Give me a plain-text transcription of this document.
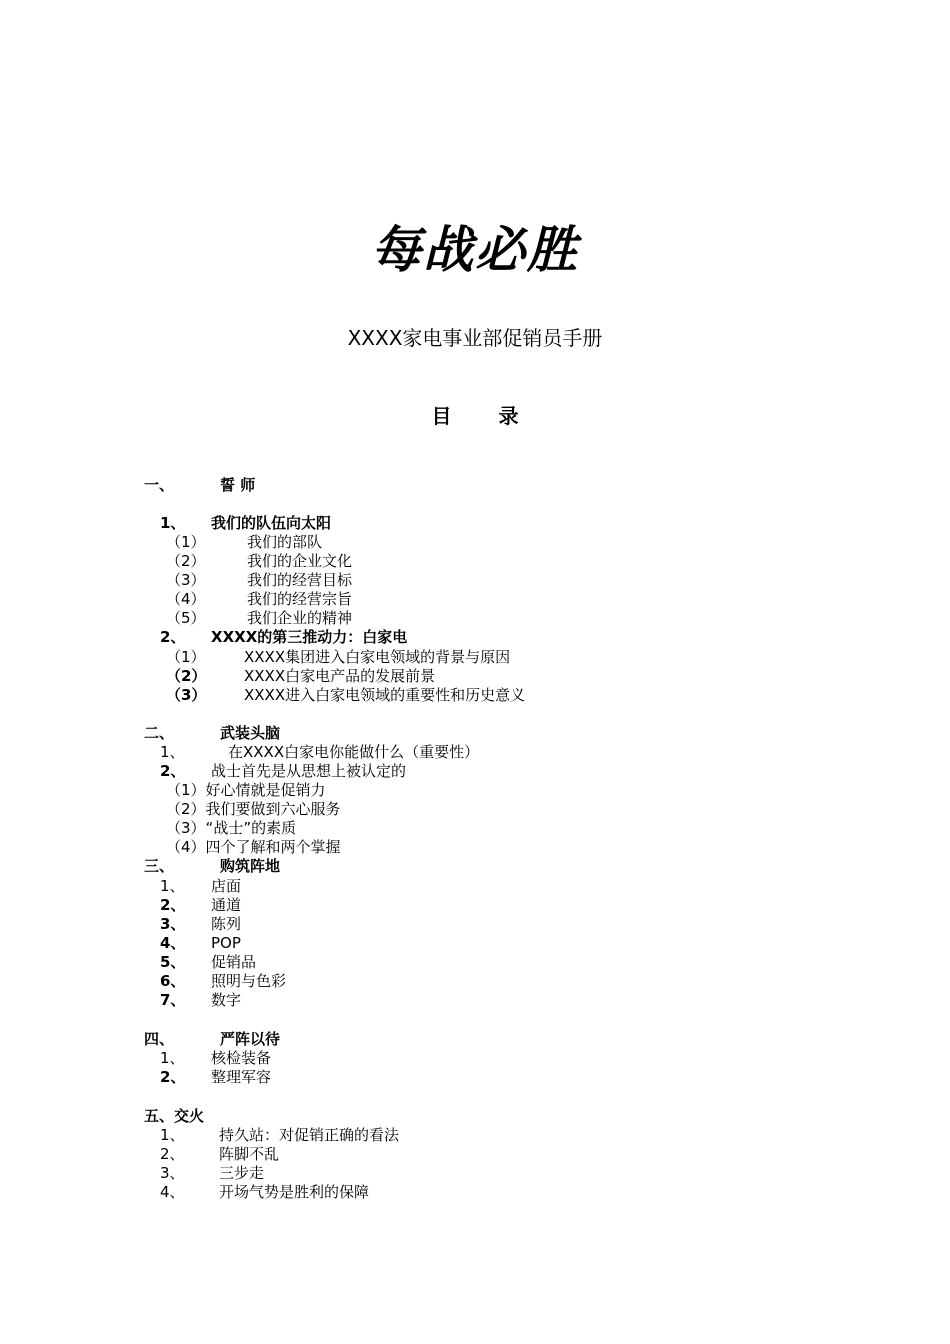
每战必胜
XXXX家电事业部促销员手册
目 录
一、	誓 师
1、 我们的队伍向太阳
（1）	我们的部队
（2）	我们的企业文化
（3）	我们的经营目标
（4）	我们的经营宗旨
（5）	我们企业的精神
2、 XXXX的第三推动力：白家电
（1）	XXXX集团进入白家电领域的背景与原因
（2）	XXXX白家电产品的发展前景
（3）	XXXX进入白家电领域的重要性和历史意义
二、	武装头脑
1、	在XXXX白家电你能做什么（重要性）
2、 战士首先是从思想上被认定的
（1）好心情就是促销力
（2）我们要做到六心服务
（3）“战士”的素质
（4）四个了解和两个掌握
三、	购筑阵地
1、 店面
2、 通道
3、 陈列
4、 POP
5、 促销品
6、 照明与色彩
7、 数字
四、	严阵以待
1、 核检装备
2、 整理军容
五、交火
1、 持久站：对促销正确的看法
2、 阵脚不乱
3、 三步走
4、 开场气势是胜利的保障
